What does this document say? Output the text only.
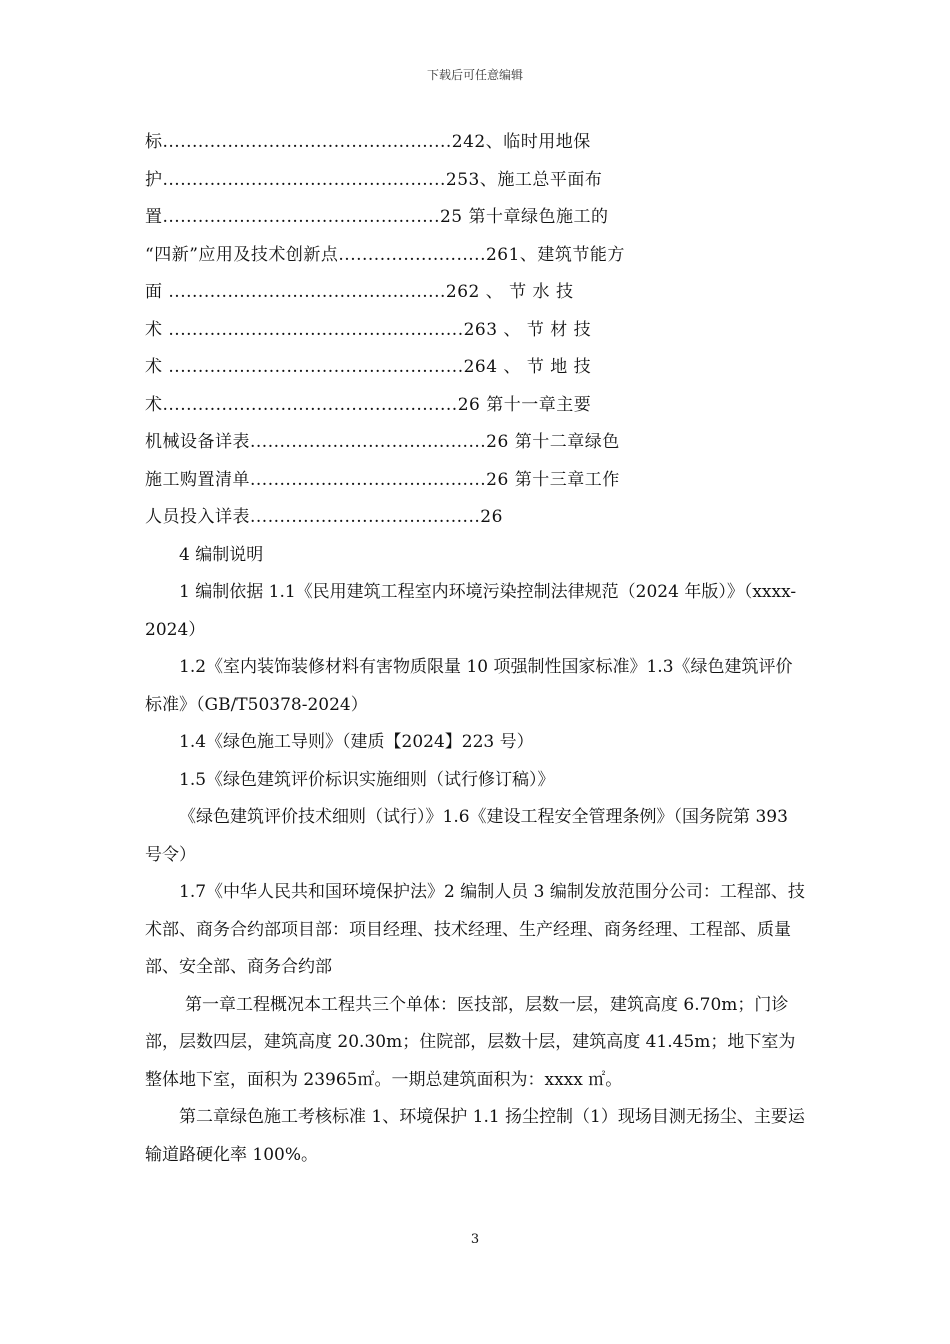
下载后可任意编辑
标.................................................242、临时用地保
护................................................253、施工总平面布
置...............................................25 第十章绿色施工的
“四新”应用及技术创新点.........................261、建筑节能方
面 ...............................................262 、 节 水 技
术 ..................................................263 、 节 材 技
术 ..................................................264 、 节 地 技
术..................................................26 第十一章主要
机械设备详表........................................26 第十二章绿色
施工购置清单........................................26 第十三章工作
人员投入详表.......................................26
4 编制说明
1 编制依据 1.1《民用建筑工程室内环境污染控制法律规范（2024 年版）》（xxxx-2024）
1.2《室内装饰装修材料有害物质限量 10 项强制性国家标准》1.3《绿色建筑评价标准》（GB/T50378-2024）
1.4《绿色施工导则》（建质【2024】223 号）
1.5《绿色建筑评价标识实施细则（试行修订稿）》
《绿色建筑评价技术细则（试行）》1.6《建设工程安全管理条例》（国务院第 393 号令）
1.7《中华人民共和国环境保护法》2 编制人员 3 编制发放范围分公司：工程部、技术部、商务合约部项目部：项目经理、技术经理、生产经理、商务经理、工程部、质量部、安全部、商务合约部
第一章工程概况本工程共三个单体：医技部，层数一层，建筑高度 6.70m；门诊部，层数四层，建筑高度 20.30m；住院部，层数十层，建筑高度 41.45m；地下室为整体地下室，面积为 23965㎡。一期总建筑面积为：xxxx ㎡。
第二章绿色施工考核标准 1、环境保护 1.1 扬尘控制（1）现场目测无扬尘、主要运输道路硬化率 100%。
3
